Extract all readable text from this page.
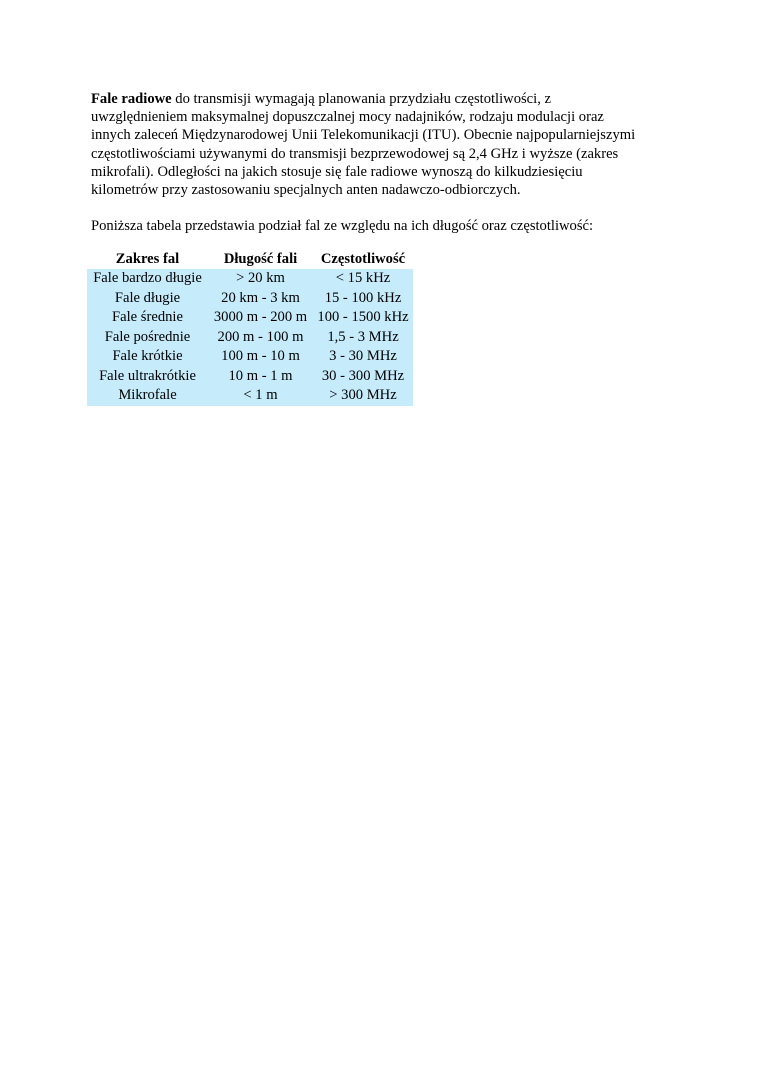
Fale radiowe do transmisji wymagają planowania przydziału częstotliwości, z
uwzględnieniem maksymalnej dopuszczalnej mocy nadajników, rodzaju modulacji oraz
innych zaleceń Międzynarodowej Unii Telekomunikacji (ITU). Obecnie najpopularniejszymi
częstotliwościami używanymi do transmisji bezprzewodowej są 2,4 GHz i wyższe (zakres
mikrofali). Odległości na jakich stosuje się fale radiowe wynoszą do kilkudziesięciu
kilometrów przy zastosowaniu specjalnych anten nadawczo-odbiorczych.

Poniższa tabela przedstawia podział fal ze względu na ich długość oraz częstotliwość:

Zakres fal	Długość fali	Częstotliwość
Fale bardzo długie	> 20 km	< 15 kHz
Fale długie	20 km - 3 km	15 - 100 kHz
Fale średnie	3000 m - 200 m	100 - 1500 kHz
Fale pośrednie	200 m - 100 m	1,5 - 3 MHz
Fale krótkie	100 m - 10 m	3 - 30 MHz
Fale ultrakrótkie	10 m - 1 m	30 - 300 MHz
Mikrofale	< 1 m	> 300 MHz
